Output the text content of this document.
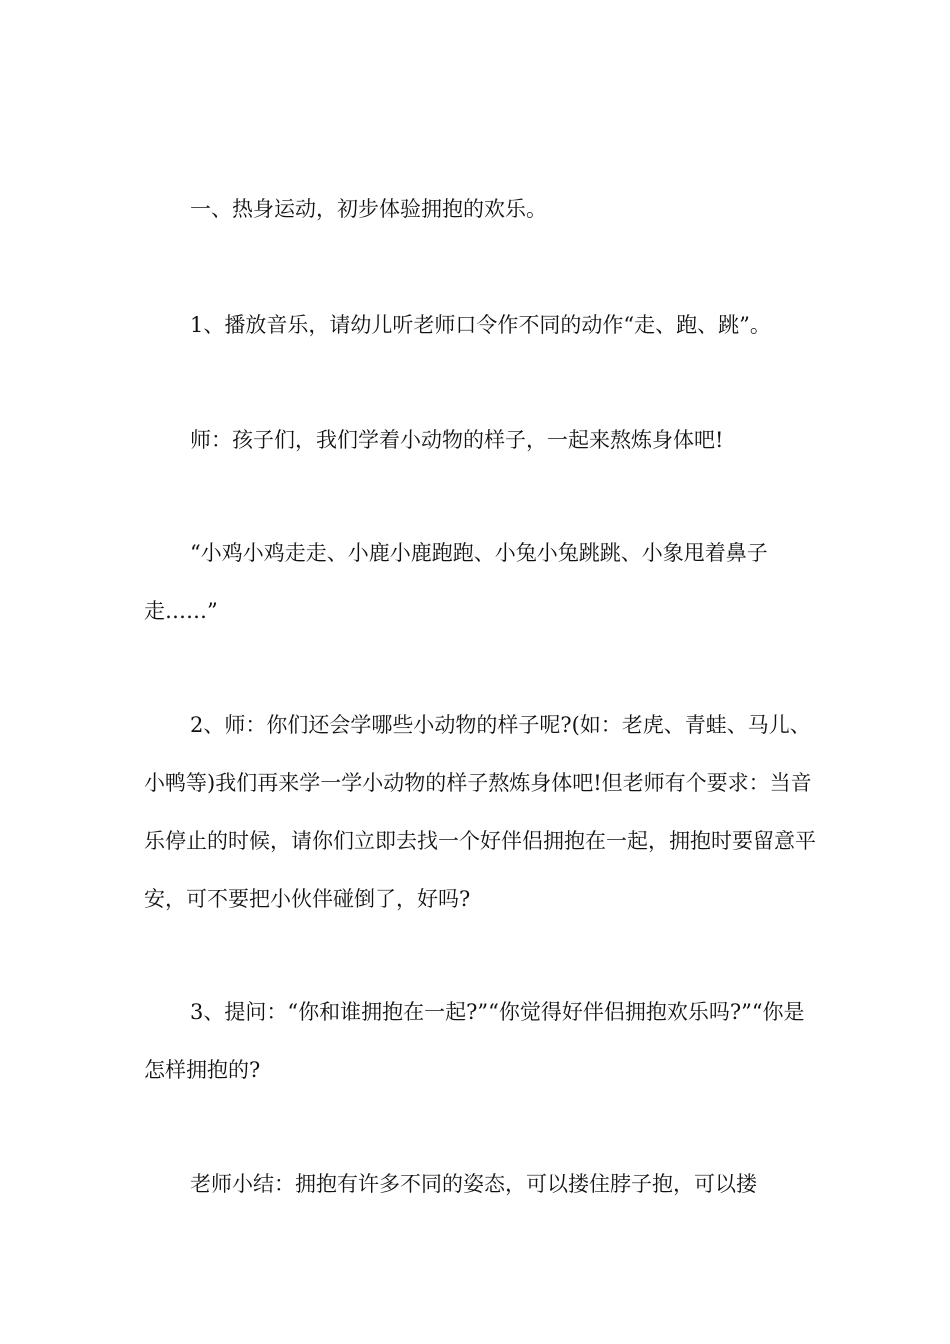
一、热身运动，初步体验拥抱的欢乐。

1、播放音乐，请幼儿听老师口令作不同的动作“走、跑、跳”。

师：孩子们，我们学着小动物的样子，一起来熬炼身体吧!

“小鸡小鸡走走、小鹿小鹿跑跑、小兔小兔跳跳、小象甩着鼻子走……”

2、师：你们还会学哪些小动物的样子呢?(如：老虎、青蛙、马儿、小鸭等)我们再来学一学小动物的样子熬炼身体吧!但老师有个要求：当音乐停止的时候，请你们立即去找一个好伴侣拥抱在一起，拥抱时要留意平安，可不要把小伙伴碰倒了，好吗?

3、提问：“你和谁拥抱在一起?”“你觉得好伴侣拥抱欢乐吗?”“你是怎样拥抱的?

老师小结：拥抱有许多不同的姿态，可以搂住脖子抱，可以搂
